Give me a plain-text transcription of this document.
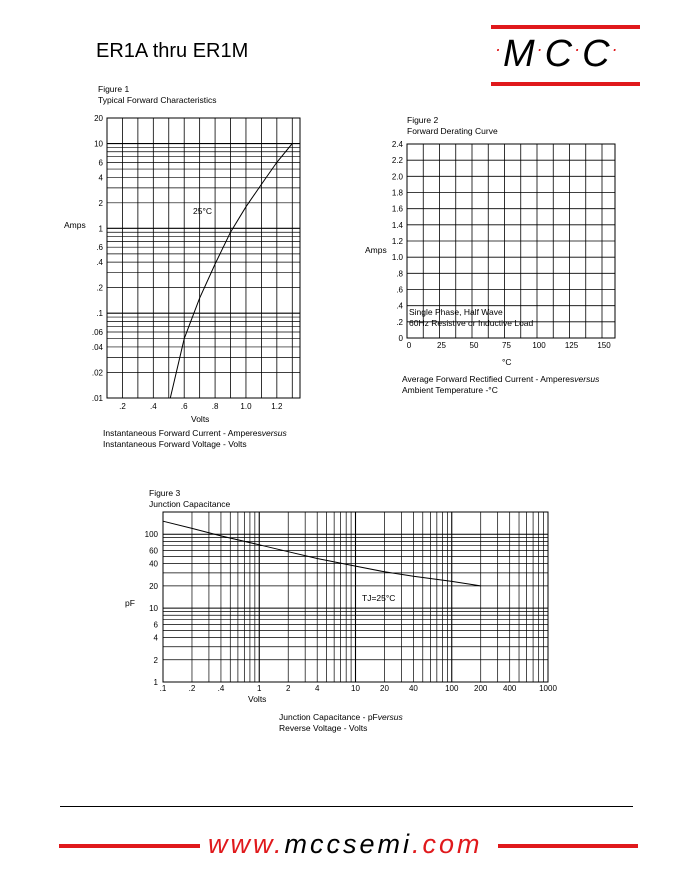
ER1A thru ER1M	·M·C·C·
Figure 1
Typical Forward Characteristics
Amps
Volts
25°C
Instantaneous Forward Current - Amperesversus
Instantaneous Forward Voltage - Volts
.2	.4	.6	.8	1.0 1.2
.01
.02
.04
.06
.1
.2
.4
.6
1
2
4
6
10
20
0	25	50	75	100 125 150
0
.2
.4
.6
.8
1.0
1.2
1.4
1.6
1.8
2.0
2.2
2.4
.1	.2	.4	1	2	4	10	20	40	100 200 400	1000
1
2
4
6
10
20
40
60
100
Figure 2
Forward Derating Curve
Amps
°C
Single Phase, Half Wave
60Hz Resistive or Inductive Load
Average Forward Rectified Current - Amperesversus
Ambient Temperature -°C
Figure 3
Junction Capacitance
pF
Volts
TJ=25°C
Junction Capacitance - pFversus
Reverse Voltage - Volts
www.mccsemi.com
